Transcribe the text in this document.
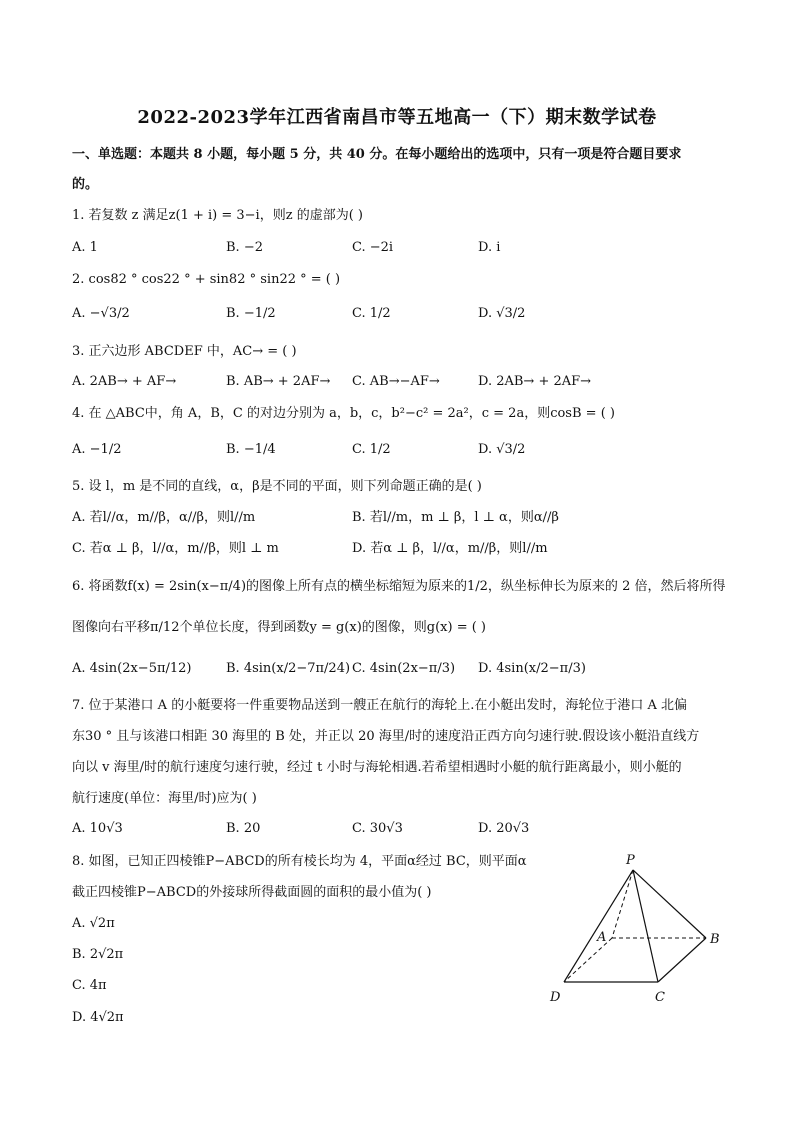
2022-2023学年江西省南昌市等五地高一（下）期末数学试卷
一、单选题：本题共 8 小题，每小题 5 分，共 40 分。在每小题给出的选项中，只有一项是符合题目要求
的。
1. 若复数 z 满足z(1 + i) = 3−i，则z 的虚部为( )
A. 1	B. −2	C. −2i	D. i
2. cos82 ° cos22 ° + sin82 ° sin22 ° = ( )
A. −√3/2	B. −1/2	C. 1/2	D. √3/2
3. 正六边形 ABCDEF 中，AC→ = ( )
A. 2AB→ + AF→	B. AB→ + 2AF→ C. AB→−AF→	D. 2AB→ + 2AF→
4. 在 △ABC中，角 A，B，C 的对边分别为 a，b，c，b²−c² = 2a²，c = 2a，则cosB = ( )
A. −1/2	B. −1/4	C. 1/2	D. √3/2
5. 设 l，m 是不同的直线，α，β是不同的平面，则下列命题正确的是( )
A. 若l//α，m//β，α//β，则l//m	B. 若l//m，m ⊥ β，l ⊥ α，则α//β
C. 若α ⊥ β，l//α，m//β，则l ⊥ m	D. 若α ⊥ β，l//α，m//β，则l//m
6. 将函数f(x) = 2sin(x−π/4)的图像上所有点的横坐标缩短为原来的1/2，纵坐标伸长为原来的 2 倍，然后将所得
图像向右平移π/12个单位长度，得到函数y = g(x)的图像，则g(x) = ( )
A. 4sin(2x−5π/12)	B. 4sin(x/2−7π/24) C. 4sin(2x−π/3) D. 4sin(x/2−π/3)
7. 位于某港口 A 的小艇要将一件重要物品送到一艘正在航行的海轮上.在小艇出发时，海轮位于港口 A 北偏
东30 ° 且与该港口相距 30 海里的 B 处，并正以 20 海里/时的速度沿正西方向匀速行驶.假设该小艇沿直线方
向以 v 海里/时的航行速度匀速行驶，经过 t 小时与海轮相遇.若希望相遇时小艇的航行距离最小，则小艇的
航行速度(单位：海里/时)应为( )
A. 10√3	B. 20	C. 30√3	D. 20√3
8. 如图，已知正四棱锥P−ABCD的所有棱长均为 4，平面α经过 BC，则平面α
截正四棱锥P−ABCD的外接球所得截面圆的面积的最小值为( )
A. √2π
B. 2√2π
C. 4π
D. 4√2π
P
A	B
C
D
